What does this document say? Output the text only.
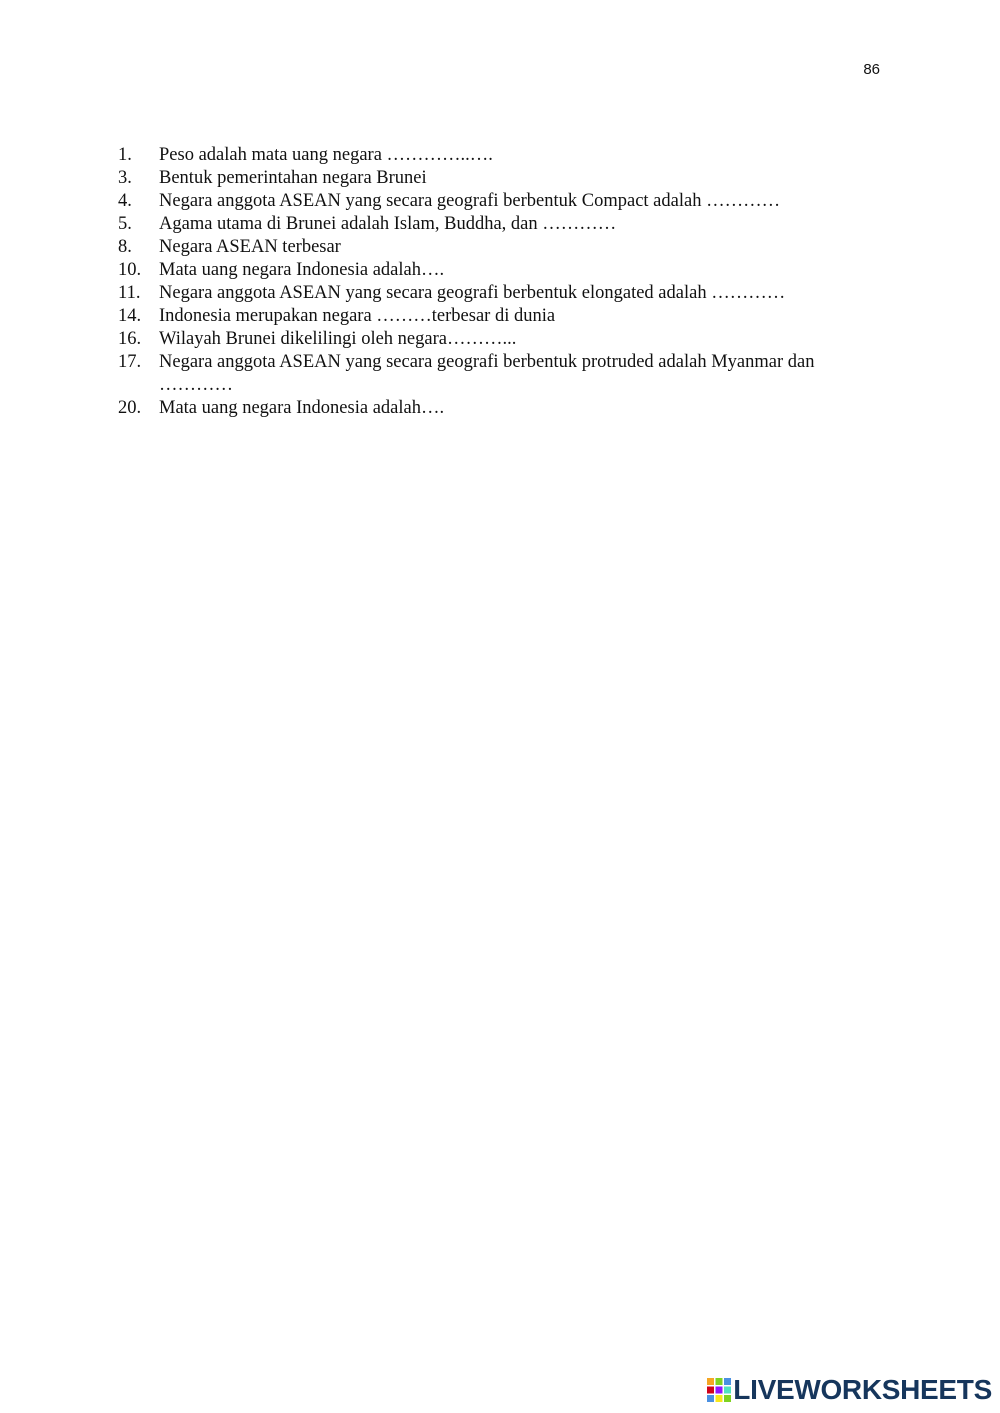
86
1.	Peso adalah mata uang negara …………..….
3.	Bentuk pemerintahan negara Brunei
4.	Negara anggota ASEAN yang secara geografi berbentuk Compact adalah …………
5.	Agama utama di Brunei adalah Islam, Buddha, dan …………
8.	Negara ASEAN terbesar
10. Mata uang negara Indonesia adalah….
11.	Negara anggota ASEAN yang secara geografi berbentuk elongated adalah …………
14. Indonesia merupakan negara ………terbesar di dunia
16. Wilayah Brunei dikelilingi oleh negara………...
17. Negara anggota ASEAN yang secara geografi berbentuk protruded adalah Myanmar dan …………
20. Mata uang negara Indonesia adalah….
LIVEWORKSHEETS
